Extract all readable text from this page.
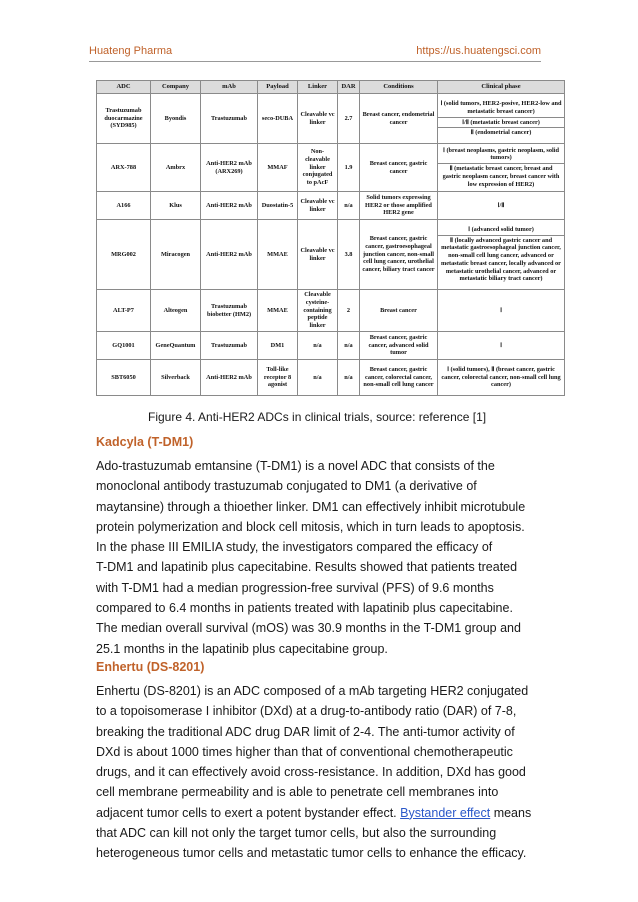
Huateng Pharma	https://us.huatengsci.com
ADC	Company	mAb	Payload	Linker	DAR	Conditions	Clinical phase
Trastuzumab duocarmazine (SYD985)	Byondis	Trastuzumab	seco-DUBA	Cleavable vc linker	2.7	Breast cancer, endometrial cancer	Ⅰ (solid tumors, HER2-posive, HER2-low and metastatic breast cancer)
Ⅰ/Ⅱ (metastatic breast cancer)
Ⅱ (endometrial cancer)

ARX-788	Ambrx	Anti-HER2 mAb (ARX269)	MMAF	Non-cleavable linker conjugated to pAcF	1.9	Breast cancer, gastric cancer	Ⅰ (breast neoplasms, gastric neoplasm, solid tumors)
Ⅱ (metastatic breast cancer, breast and gastric neoplasm cancer, breast cancer with low expression of HER2)

A166	Klus	Anti-HER2 mAb	Duostatin-5	Cleavable vc linker	n/a	Solid tumors expressing HER2 or those amplified HER2 gene	Ⅰ/Ⅱ
MRG002	Miracogen	Anti-HER2 mAb	MMAE	Cleavable vc linker	3.8	Breast cancer, gastric cancer, gastroesophageal junction cancer, non-small cell lung cancer, urothelial cancer, biliary tract cancer	Ⅰ (advanced solid tumor)
Ⅱ (locally advanced gastric cancer and metastatic gastroesophageal junction cancer, non-small cell lung cancer, advanced or metastatic breast cancer, locally advanced or metastatic urothelial cancer, advanced or metastatic biliary tract cancer)

ALT-P7	Alteogen	Trastuzumab biobetter (HM2)	MMAE	Cleavable cysteine-containing peptide linker	2	Breast cancer	Ⅰ
GQ1001	GeneQuantum	Trastuzumab	DM1	n/a	n/a	Breast cancer, gastric cancer, advanced solid tumor	Ⅰ
SBT6050	Silverback	Anti-HER2 mAb	Toll-like receptor 8 agonist	n/a	n/a	Breast cancer, gastric cancer, colorectal cancer, non-small cell lung cancer	Ⅰ (solid tumors), Ⅱ (breast cancer, gastric cancer, colorectal cancer, non-small cell lung cancer)
Figure 4. Anti-HER2 ADCs in clinical trials, source: reference [1]
Kadcyla (T-DM1)

Ado-trastuzumab emtansine (T-DM1) is a novel ADC that consists of the
monoclonal antibody trastuzumab conjugated to DM1 (a derivative of
maytansine) through a thioether linker. DM1 can effectively inhibit microtubule
protein polymerization and block cell mitosis, which in turn leads to apoptosis.
In the phase III EMILIA study, the investigators compared the efficacy of
T-DM1 and lapatinib plus capecitabine. Results showed that patients treated
with T-DM1 had a median progression-free survival (PFS) of 9.6 months
compared to 6.4 months in patients treated with lapatinib plus capecitabine.
The median overall survival (mOS) was 30.9 months in the T-DM1 group and
25.1 months in the lapatinib plus capecitabine group.

Enhertu (DS-8201)

Enhertu (DS-8201) is an ADC composed of a mAb targeting HER2 conjugated
to a topoisomerase I inhibitor (DXd) at a drug-to-antibody ratio (DAR) of 7-8,
breaking the traditional ADC drug DAR limit of 2-4. The anti-tumor activity of
DXd is about 1000 times higher than that of conventional chemotherapeutic
drugs, and it can effectively avoid cross-resistance. In addition, DXd has good
cell membrane permeability and is able to penetrate cell membranes into
adjacent tumor cells to exert a potent bystander effect. Bystander effect means
that ADC can kill not only the target tumor cells, but also the surrounding
heterogeneous tumor cells and metastatic tumor cells to enhance the efficacy.
